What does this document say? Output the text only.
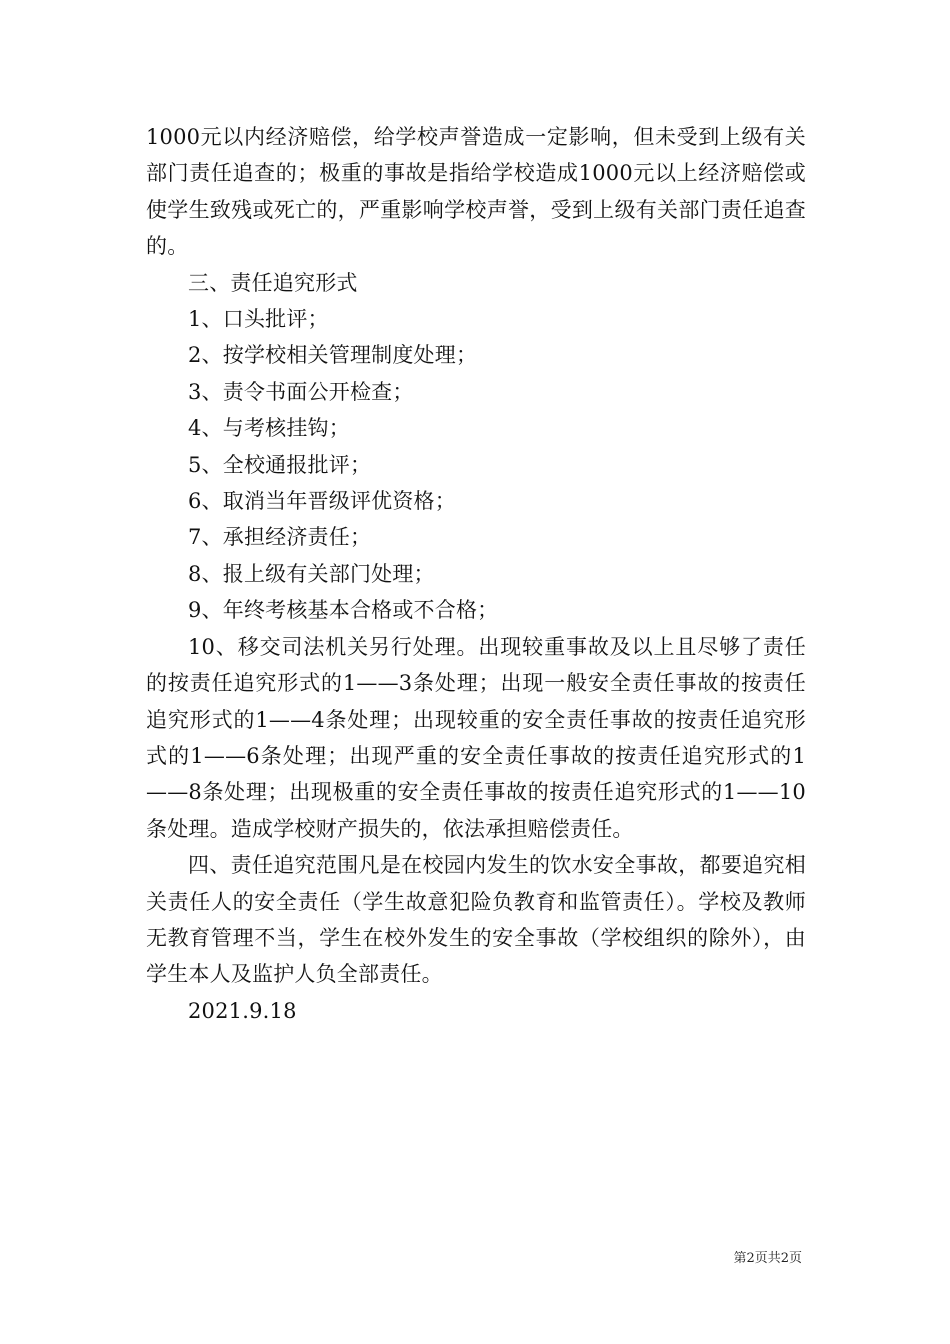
1000元以内经济赔偿，给学校声誉造成一定影响，但未受到上级有关部门责任追查的；极重的事故是指给学校造成1000元以上经济赔偿或使学生致残或死亡的，严重影响学校声誉，受到上级有关部门责任追查的。

三、责任追究形式

1、口头批评；

2、按学校相关管理制度处理；

3、责令书面公开检查；

4、与考核挂钩；

5、全校通报批评；

6、取消当年晋级评优资格；

7、承担经济责任；

8、报上级有关部门处理；

9、年终考核基本合格或不合格；

10、移交司法机关另行处理。出现较重事故及以上且尽够了责任的按责任追究形式的1——3条处理；出现一般安全责任事故的按责任追究形式的1——4条处理；出现较重的安全责任事故的按责任追究形式的1——6条处理；出现严重的安全责任事故的按责任追究形式的1——8条处理；出现极重的安全责任事故的按责任追究形式的1——10条处理。造成学校财产损失的，依法承担赔偿责任。

四、责任追究范围凡是在校园内发生的饮水安全事故，都要追究相关责任人的安全责任（学生故意犯险负教育和监管责任）。学校及教师无教育管理不当，学生在校外发生的安全事故（学校组织的除外），由学生本人及监护人负全部责任。

2021.9.18

第2页共2页
